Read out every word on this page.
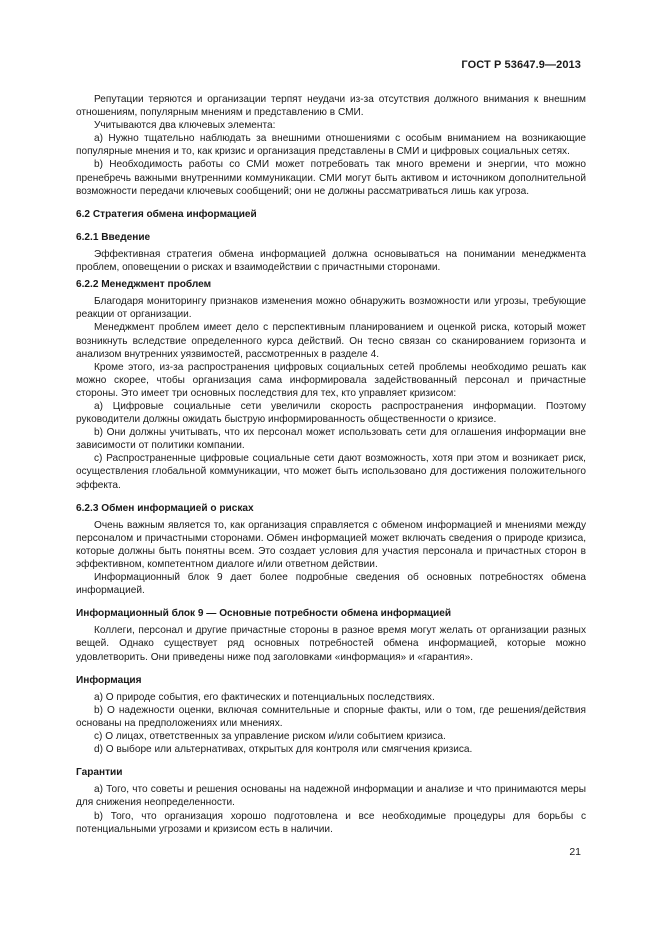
ГОСТ Р 53647.9—2013

Репутации теряются и организации терпят неудачи из-за отсутствия должного внимания к внешним отношениям, популярным мнениям и представлению в СМИ.

Учитываются два ключевых элемента:

a) Нужно тщательно наблюдать за внешними отношениями с особым вниманием на возникающие популярные мнения и то, как кризис и организация представлены в СМИ и цифровых социальных сетях.

b) Необходимость работы со СМИ может потребовать так много времени и энергии, что можно пренебречь важными внутренними коммуникации. СМИ могут быть активом и источником дополнительной возможности передачи ключевых сообщений; они не должны рассматриваться лишь как угроза.

6.2 Стратегия обмена информацией
6.2.1 Введение

Эффективная стратегия обмена информацией должна основываться на понимании менеджмента проблем, оповещении о рисках и взаимодействии с причастными сторонами.

6.2.2 Менеджмент проблем

Благодаря мониторингу признаков изменения можно обнаружить возможности или угрозы, требующие реакции от организации.

Менеджмент проблем имеет дело с перспективным планированием и оценкой риска, который может возникнуть вследствие определенного курса действий. Он тесно связан со сканированием горизонта и анализом внутренних уязвимостей, рассмотренных в разделе 4.

Кроме этого, из-за распространения цифровых социальных сетей проблемы необходимо решать как можно скорее, чтобы организация сама информировала задействованный персонал и причастные стороны. Это имеет три основных последствия для тех, кто управляет кризисом:

a) Цифровые социальные сети увеличили скорость распространения информации. Поэтому руководители должны ожидать быструю информированность общественности о кризисе.

b) Они должны учитывать, что их персонал может использовать сети для оглашения информации вне зависимости от политики компании.

c) Распространенные цифровые социальные сети дают возможность, хотя при этом и возникает риск, осуществления глобальной коммуникации, что может быть использовано для достижения положительного эффекта.

6.2.3 Обмен информацией о рисках

Очень важным является то, как организация справляется с обменом информацией и мнениями между персоналом и причастными сторонами. Обмен информацией может включать сведения о природе кризиса, которые должны быть понятны всем. Это создает условия для участия персонала и причастных сторон в эффективном, компетентном диалоге и/или ответном действии.

Информационный блок 9 дает более подробные сведения об основных потребностях обмена информацией.

Информационный блок 9 — Основные потребности обмена информацией

Коллеги, персонал и другие причастные стороны в разное время могут желать от организации разных вещей. Однако существует ряд основных потребностей обмена информацией, которые можно удовлетворить. Они приведены ниже под заголовками «информация» и «гарантия».

Информация

a) О природе события, его фактических и потенциальных последствиях.

b) О надежности оценки, включая сомнительные и спорные факты, или о том, где решения/действия основаны на предположениях или мнениях.

c) О лицах, ответственных за управление риском и/или событием кризиса.

d) О выборе или альтернативах, открытых для контроля или смягчения кризиса.

Гарантии

a) Того, что советы и решения основаны на надежной информации и анализе и что принимаются меры для снижения неопределенности.

b) Того, что организация хорошо подготовлена и все необходимые процедуры для борьбы с потенциальными угрозами и кризисом есть в наличии.

21
